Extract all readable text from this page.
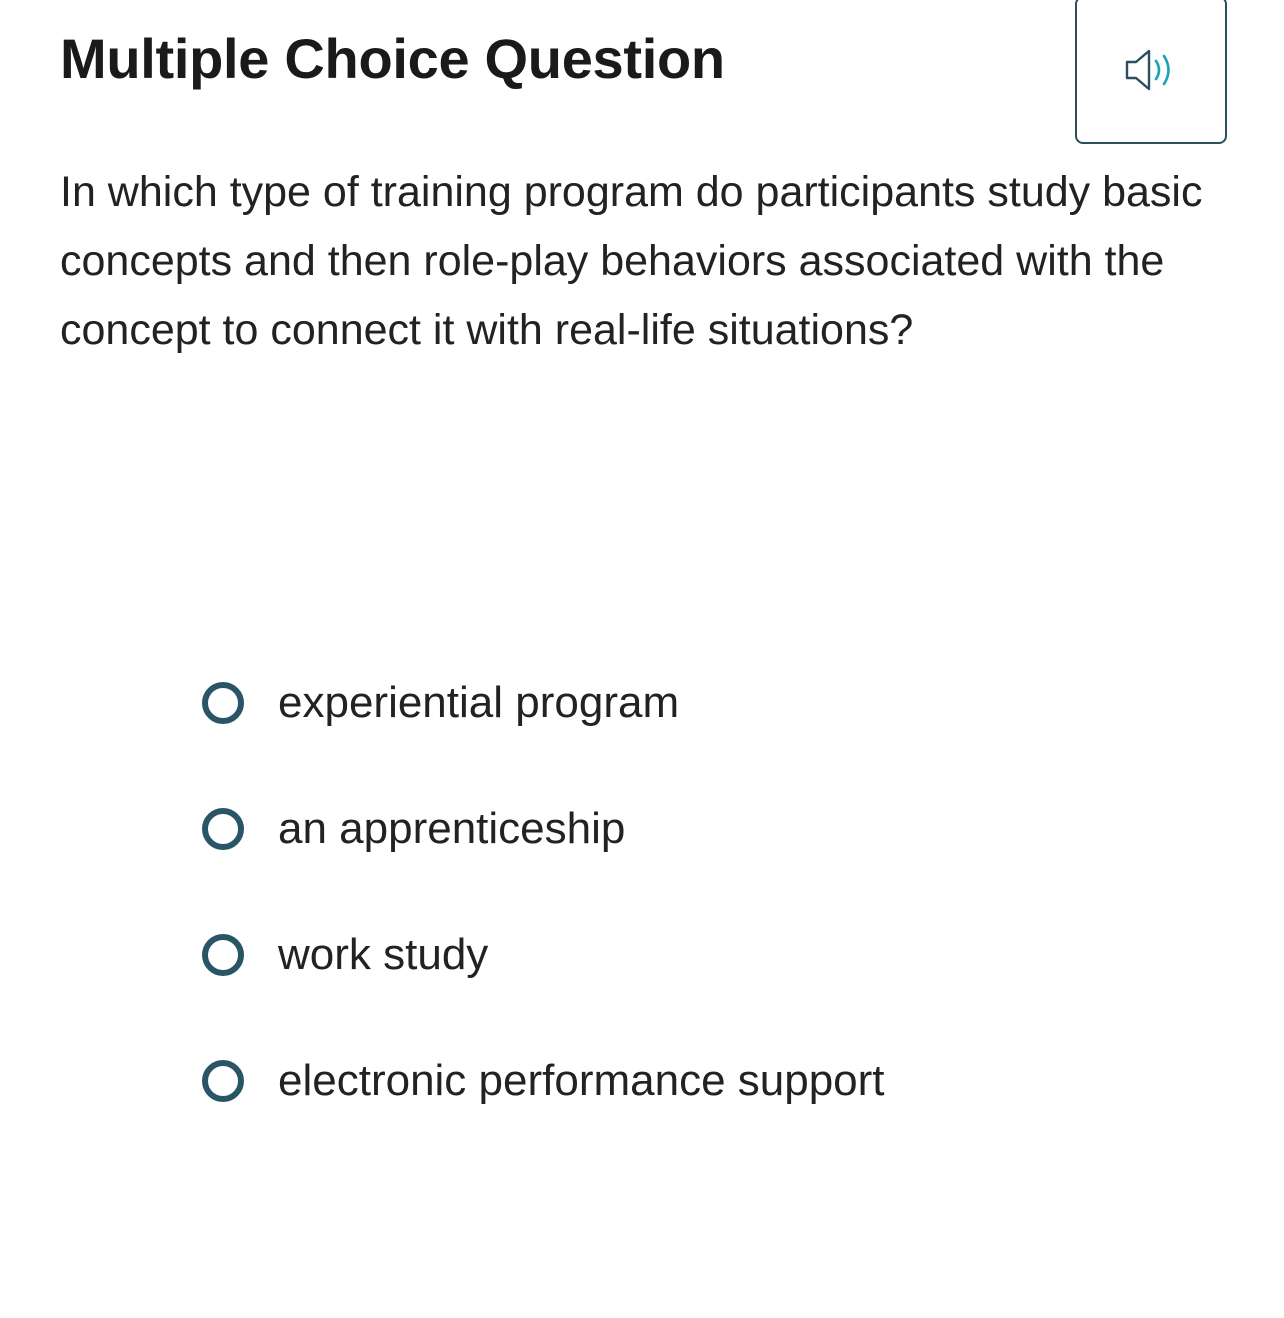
Multiple Choice Question

In which type of training program do participants study basic concepts and then role-play behaviors associated with the concept to connect it with real-life situations?

experiential program
an apprenticeship
work study
electronic performance support
